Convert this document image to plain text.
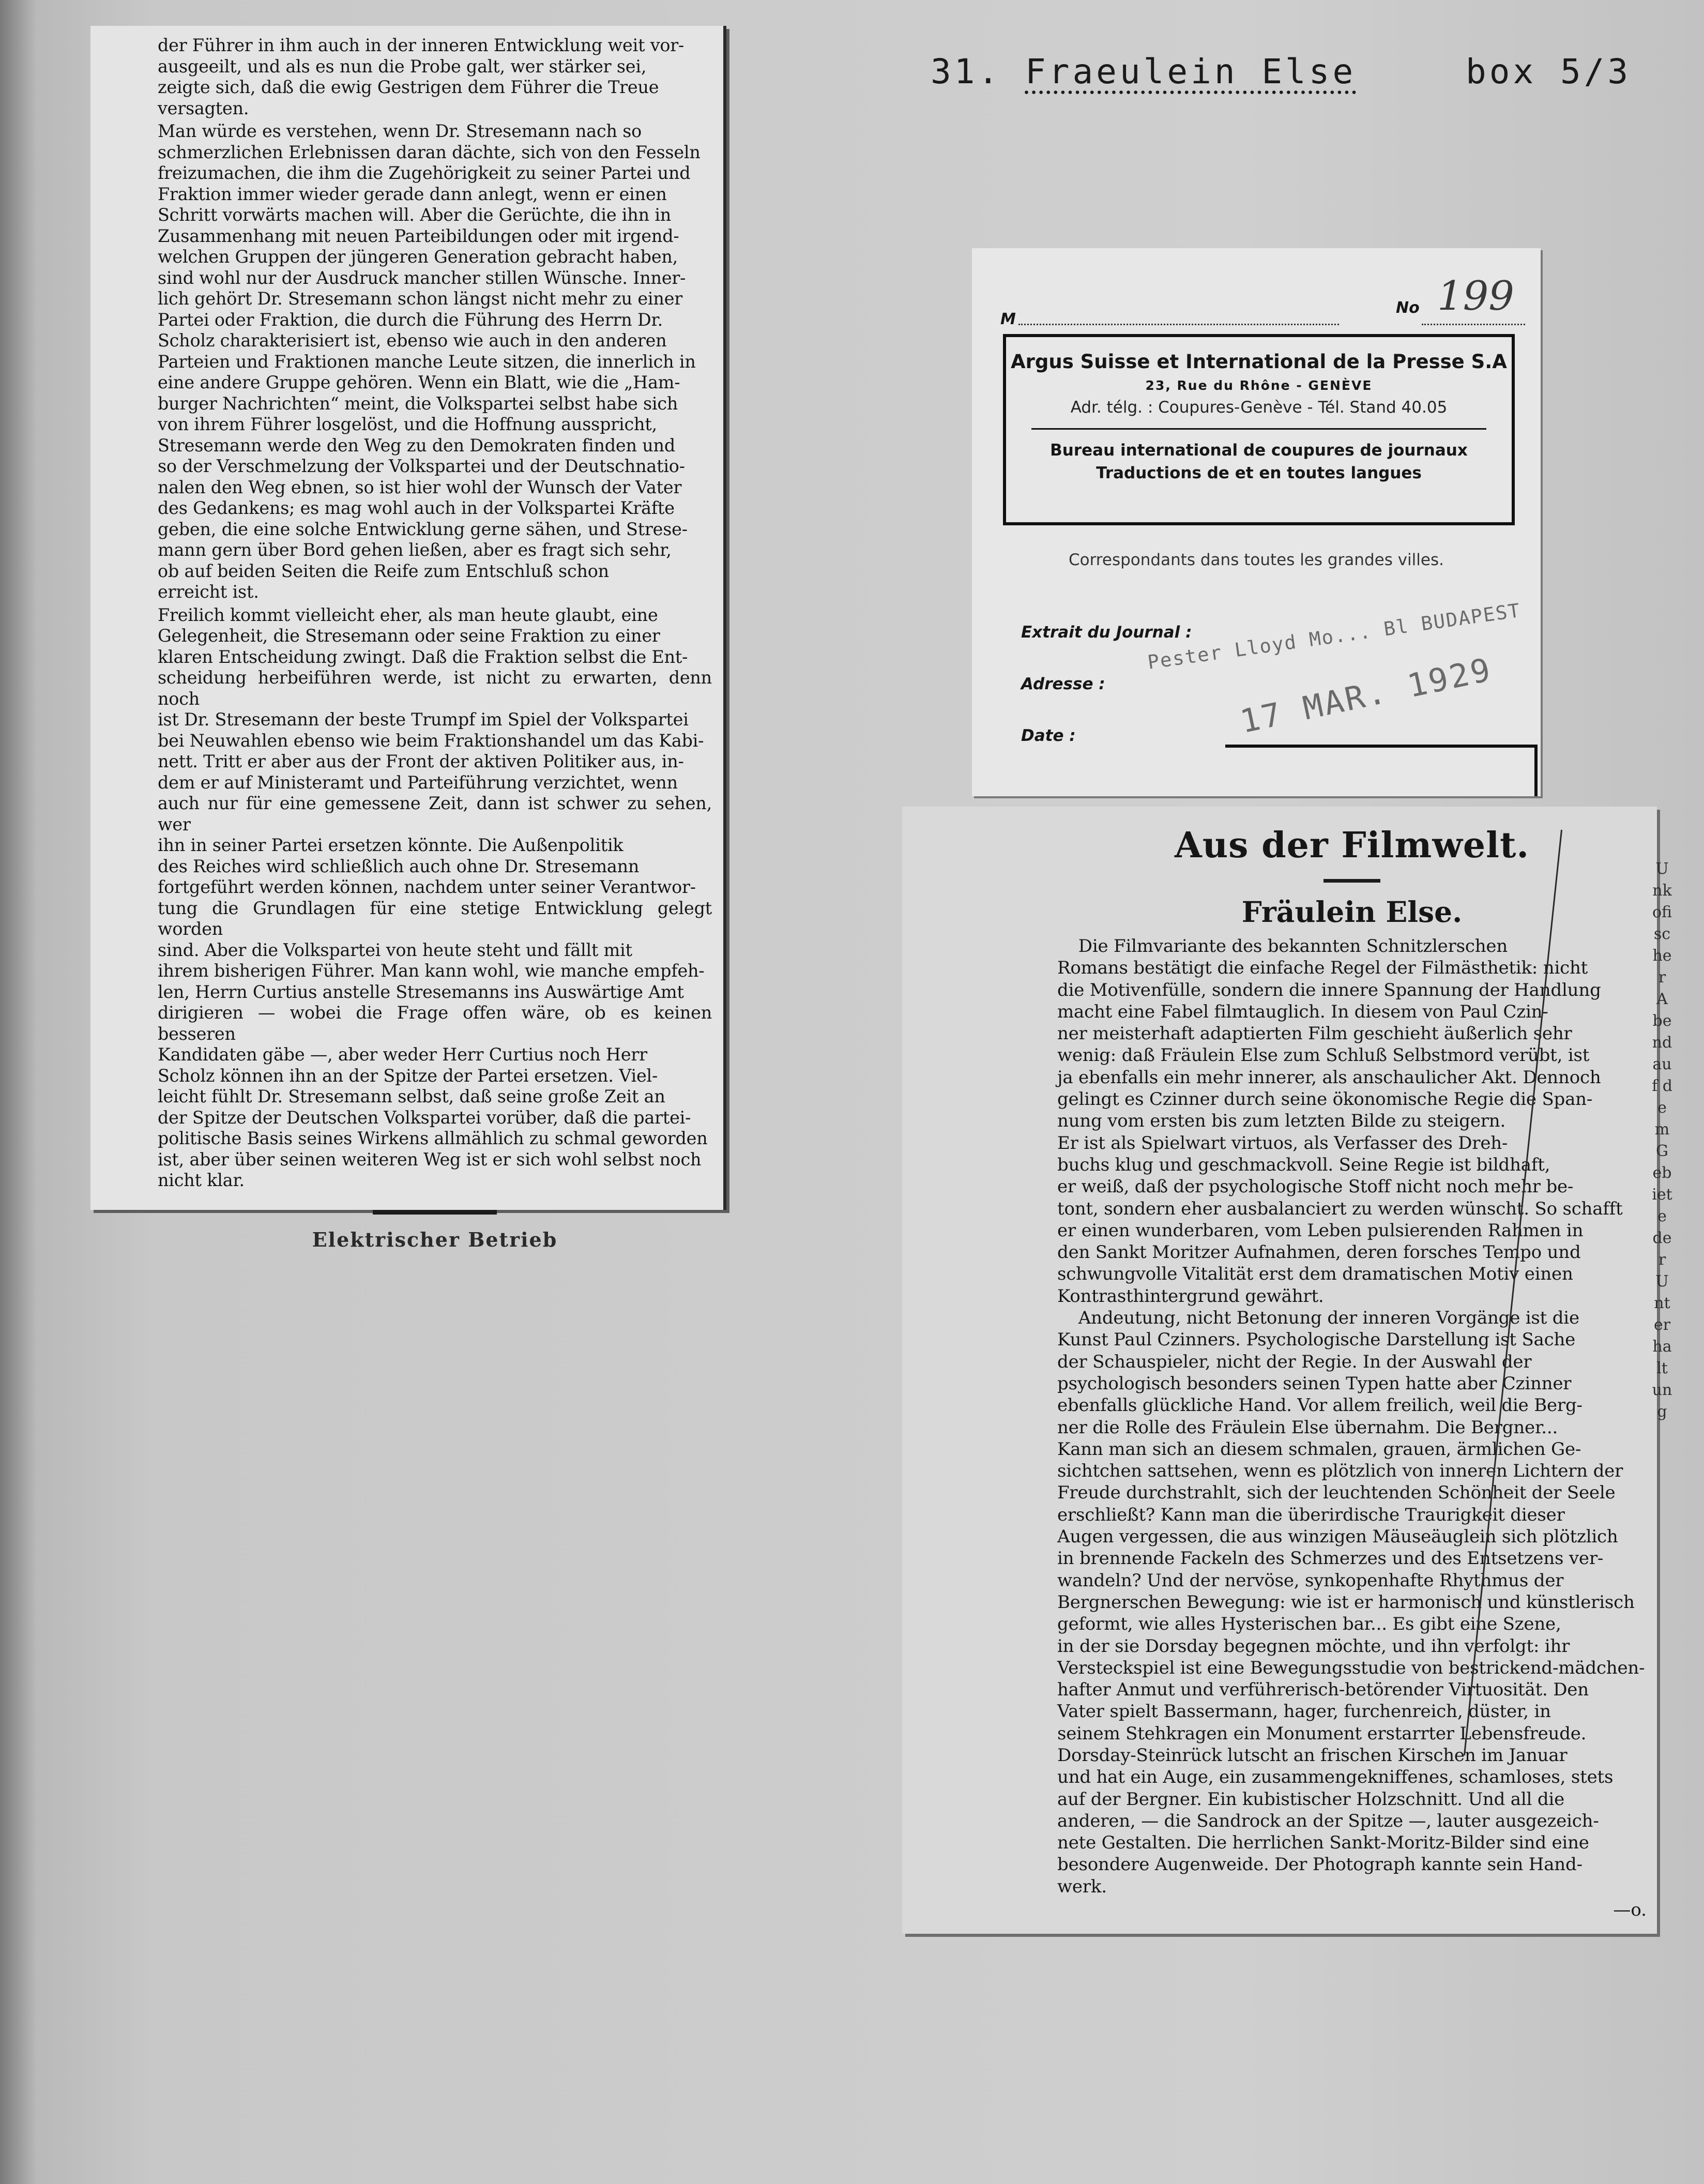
der Führer in ihm auch in der inneren Entwicklung weit vor-
ausgeeilt, und als es nun die Probe galt, wer stärker sei,
zeigte sich, daß die ewig Gestrigen dem Führer die Treue
versagten.

Man würde es verstehen, wenn Dr. Stresemann nach so
schmerzlichen Erlebnissen daran dächte, sich von den Fesseln
freizumachen, die ihm die Zugehörigkeit zu seiner Partei und
Fraktion immer wieder gerade dann anlegt, wenn er einen
Schritt vorwärts machen will. Aber die Gerüchte, die ihn in
Zusammenhang mit neuen Parteibildungen oder mit irgend-
welchen Gruppen der jüngeren Generation gebracht haben,
sind wohl nur der Ausdruck mancher stillen Wünsche. Inner-
lich gehört Dr. Stresemann schon längst nicht mehr zu einer
Partei oder Fraktion, die durch die Führung des Herrn Dr.
Scholz charakterisiert ist, ebenso wie auch in den anderen
Parteien und Fraktionen manche Leute sitzen, die innerlich in
eine andere Gruppe gehören. Wenn ein Blatt, wie die „Ham-
burger Nachrichten“ meint, die Volkspartei selbst habe sich
von ihrem Führer losgelöst, und die Hoffnung ausspricht,
Stresemann werde den Weg zu den Demokraten finden und
so der Verschmelzung der Volkspartei und der Deutschnatio-
nalen den Weg ebnen, so ist hier wohl der Wunsch der Vater
des Gedankens; es mag wohl auch in der Volkspartei Kräfte
geben, die eine solche Entwicklung gerne sähen, und Strese-
mann gern über Bord gehen ließen, aber es fragt sich sehr,
ob auf beiden Seiten die Reife zum Entschluß schon
erreicht ist.

Freilich kommt vielleicht eher, als man heute glaubt, eine
Gelegenheit, die Stresemann oder seine Fraktion zu einer
klaren Entscheidung zwingt. Daß die Fraktion selbst die Ent-
scheidung herbeiführen werde, ist nicht zu erwarten, denn noch
ist Dr. Stresemann der beste Trumpf im Spiel der Volkspartei
bei Neuwahlen ebenso wie beim Fraktionshandel um das Kabi-
nett. Tritt er aber aus der Front der aktiven Politiker aus, in-
dem er auf Ministeramt und Parteiführung verzichtet, wenn
auch nur für eine gemessene Zeit, dann ist schwer zu sehen, wer
ihn in seiner Partei ersetzen könnte. Die Außenpolitik
des Reiches wird schließlich auch ohne Dr. Stresemann
fortgeführt werden können, nachdem unter seiner Verantwor-
tung die Grundlagen für eine stetige Entwicklung gelegt worden
sind. Aber die Volkspartei von heute steht und fällt mit
ihrem bisherigen Führer. Man kann wohl, wie manche empfeh-
len, Herrn Curtius anstelle Stresemanns ins Auswärtige Amt
dirigieren — wobei die Frage offen wäre, ob es keinen besseren
Kandidaten gäbe —, aber weder Herr Curtius noch Herr
Scholz können ihn an der Spitze der Partei ersetzen. Viel-
leicht fühlt Dr. Stresemann selbst, daß seine große Zeit an
der Spitze der Deutschen Volkspartei vorüber, daß die partei-
politische Basis seines Wirkens allmählich zu schmal geworden
ist, aber über seinen weiteren Weg ist er sich wohl selbst noch
nicht klar.

Elektrischer Betrieb
31. Fraeulein Else	box 5/3
M
No 199
Argus Suisse et International de la Presse S.A
23, Rue du Rhône - GENÈVE
Adr. télg. : Coupures-Genève - Tél. Stand 40.05
Bureau international de coupures de journaux
Traductions de et en toutes langues
Correspondants dans toutes les grandes villes.
Extrait du Journal :
Adresse :
Date :
Pester Lloyd Mo... Bl BUDAPEST
17 MAR. 1929
Aus der Filmwelt.
Fräulein Else.

Die Filmvariante des bekannten Schnitzlerschen
Romans bestätigt die einfache Regel der Filmästhetik: nicht
die Motivenfülle, sondern die innere Spannung der Handlung
macht eine Fabel filmtauglich. In diesem von Paul Czin-
ner meisterhaft adaptierten Film geschieht äußerlich sehr
wenig: daß Fräulein Else zum Schluß Selbstmord verübt, ist
ja ebenfalls ein mehr innerer, als anschaulicher Akt. Dennoch
gelingt es Czinner durch seine ökonomische Regie die Span-
nung vom ersten bis zum letzten Bilde zu steigern.
Er ist als Spielwart virtuos, als Verfasser des Dreh-
buchs klug und geschmackvoll. Seine Regie ist bildhaft,
er weiß, daß der psychologische Stoff nicht noch mehr be-
tont, sondern eher ausbalanciert zu werden wünscht. So schafft
er einen wunderbaren, vom Leben pulsierenden Rahmen in
den Sankt Moritzer Aufnahmen, deren forsches Tempo und
schwungvolle Vitalität erst dem dramatischen Motiv einen
Kontrasthintergrund gewährt.

Andeutung, nicht Betonung der inneren Vorgänge ist die
Kunst Paul Czinners. Psychologische Darstellung ist Sache
der Schauspieler, nicht der Regie. In der Auswahl der
psychologisch besonders seinen Typen hatte aber Czinner
ebenfalls glückliche Hand. Vor allem freilich, weil die Berg-
ner die Rolle des Fräulein Else übernahm. Die Bergner...
Kann man sich an diesem schmalen, grauen, ärmlichen Ge-
sichtchen sattsehen, wenn es plötzlich von inneren Lichtern der
Freude durchstrahlt, sich der leuchtenden Schönheit der Seele
erschließt? Kann man die überirdische Traurigkeit dieser
Augen vergessen, die aus winzigen Mäuseäuglein sich plötzlich
in brennende Fackeln des Schmerzes und des Entsetzens ver-
wandeln? Und der nervöse, synkopenhafte Rhythmus der
Bergnerschen Bewegung: wie ist er harmonisch und künstlerisch
geformt, wie alles Hysterischen bar... Es gibt eine Szene,
in der sie Dorsday begegnen möchte, und ihn verfolgt: ihr
Versteckspiel ist eine Bewegungsstudie von bestrickend-mädchen-
hafter Anmut und verführerisch-betörender Virtuosität. Den
Vater spielt Bassermann, hager, furchenreich, düster, in
seinem Stehkragen ein Monument erstarrter Lebensfreude.
Dorsday-Steinrück lutscht an frischen Kirschen im Januar
und hat ein Auge, ein zusammengekniffenes, schamloses, stets
auf der Bergner. Ein kubistischer Holzschnitt. Und all die
anderen, — die Sandrock an der Spitze —, lauter ausgezeich-
nete Gestalten. Die herrlichen Sankt-Moritz-Bilder sind eine
besondere Augenweide. Der Photograph kannte sein Hand-
werk.

—o.
Unkofischer Abend auf dem Gebiete der Unterhaltung
